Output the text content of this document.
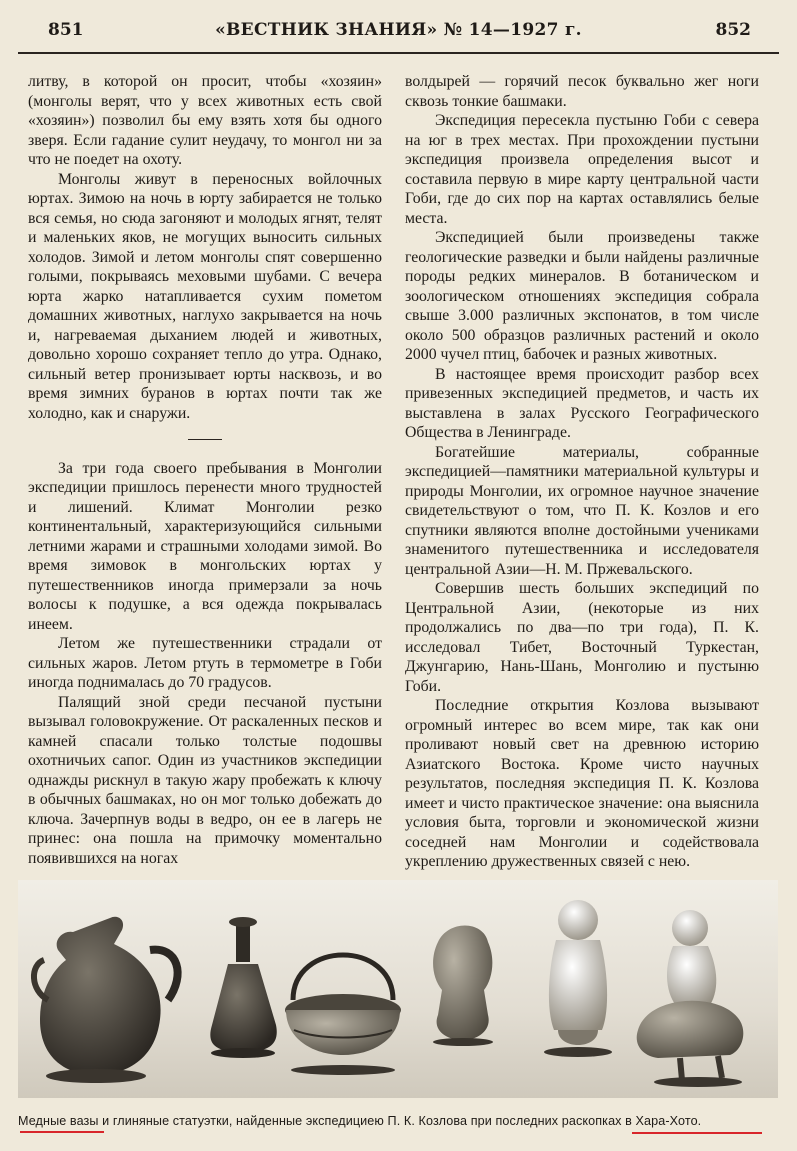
851	«ВЕСТНИК ЗНАНИЯ» № 14—1927 г.	852

литву, в которой он просит, чтобы «хозяин» (монголы верят, что у всех животных есть свой «хозяин») позволил бы ему взять хотя бы одного зверя. Если гадание сулит неудачу, то монгол ни за что не поедет на охоту.

Монголы живут в переносных войлочных юртах. Зимою на ночь в юрту забирается не только вся семья, но сюда загоняют и молодых ягнят, телят и маленьких яков, не могущих выносить сильных холодов. Зимой и летом монголы спят совершенно голыми, покрываясь меховыми шубами. С вечера юрта жарко натапливается сухим пометом домашних животных, наглухо закрывается на ночь и, нагреваемая дыханием людей и животных, довольно хорошо сохраняет тепло до утра. Однако, сильный ветер пронизывает юрты насквозь, и во время зимних буранов в юртах почти так же холодно, как и снаружи.

За три года своего пребывания в Монголии экспедиции пришлось перенести много трудностей и лишений. Климат Монголии резко континентальный, характеризующийся сильными летними жарами и страшными холодами зимой. Во время зимовок в монгольских юртах у путешественников иногда примерзали за ночь волосы к подушке, а вся одежда покрывалась инеем.

Летом же путешественники страдали от сильных жаров. Летом ртуть в термометре в Гоби иногда поднималась до 70 градусов.

Палящий зной среди песчаной пустыни вызывал головокружение. От раскаленных песков и камней спасали только толстые подошвы охотничьих сапог. Один из участников экспедиции однажды рискнул в такую жару пробежать к ключу в обычных башмаках, но он мог только добежать до ключа. Зачерпнув воды в ведро, он ее в лагерь не принес: она пошла на примочку моментально появившихся на ногах

волдырей — горячий песок буквально жег ноги сквозь тонкие башмаки.

Экспедиция пересекла пустыню Гоби с севера на юг в трех местах. При прохождении пустыни экспедиция произвела определения высот и составила первую в мире карту центральной части Гоби, где до сих пор на картах оставлялись белые места.

Экспедицией были произведены также геологические разведки и были найдены различные породы редких минералов. В ботаническом и зоологическом отношениях экспедиция собрала свыше 3.000 различных экспонатов, в том числе около 500 образцов различных растений и около 2000 чучел птиц, бабочек и разных животных.

В настоящее время происходит разбор всех привезенных экспедицией предметов, и часть их выставлена в залах Русского Географического Общества в Ленинграде.

Богатейшие материалы, собранные экспедицией—памятники материальной культуры и природы Монголии, их огромное научное значение свидетельствуют о том, что П. К. Козлов и его спутники являются вполне достойными учениками знаменитого путешественника и исследователя центральной Азии—Н. М. Пржевальского.

Совершив шесть больших экспедиций по Центральной Азии, (некоторые из них продолжались по два—по три года), П. К. исследовал Тибет, Восточный Туркестан, Джунгарию, Нань-Шань, Монголию и пустыню Гоби.

Последние открытия Козлова вызывают огромный интерес во всем мире, так как они проливают новый свет на древнюю историю Азиатского Востока. Кроме чисто научных результатов, последняя экспедиция П. К. Козлова имеет и чисто практическое значение: она выяснила условия быта, торговли и экономической жизни соседней нам Монголии и содействовала укреплению дружественных связей с нею.

Медные вазы и глиняные статуэтки, найденные экспедициею П. К. Козлова при последних раскопках в Хара-Хото.
